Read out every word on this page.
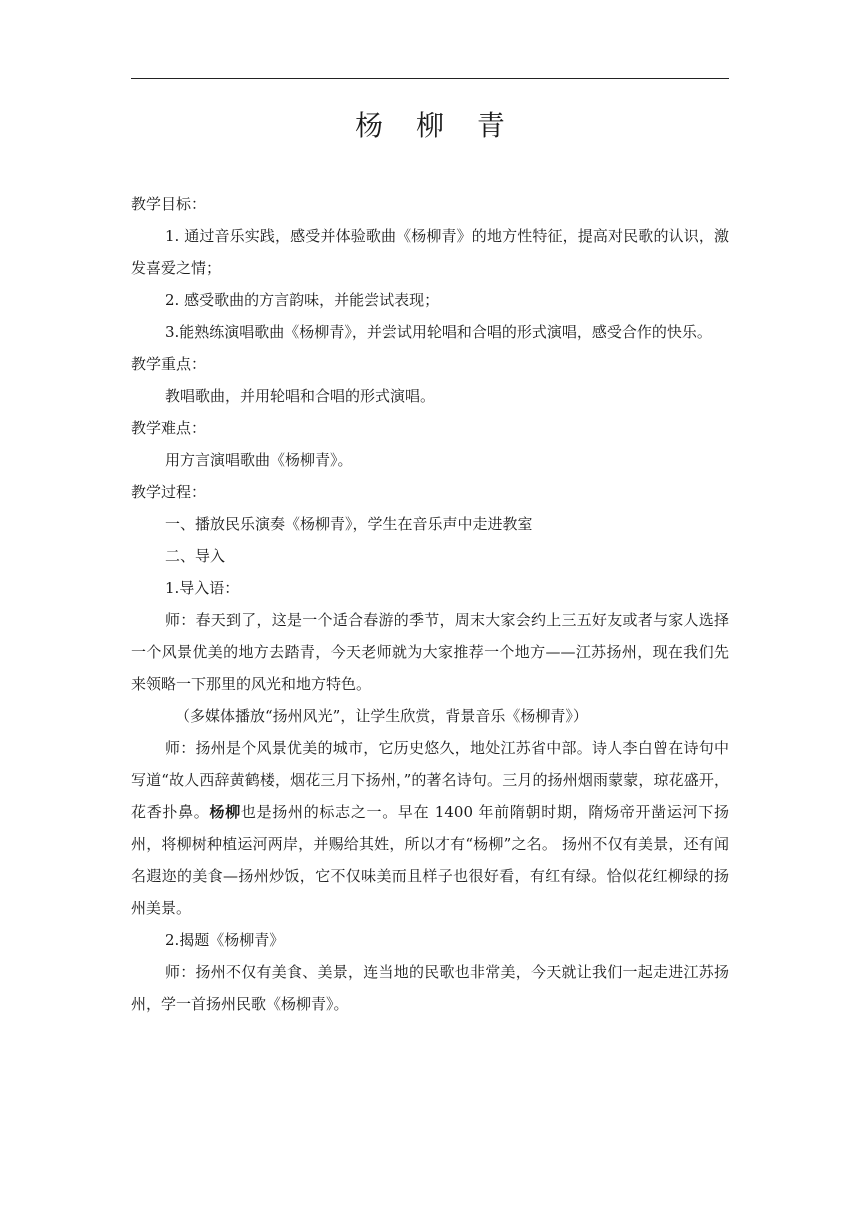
杨 柳 青

教学目标：

1. 通过音乐实践，感受并体验歌曲《杨柳青》的地方性特征，提高对民歌的认识，激发喜爱之情；

2. 感受歌曲的方言韵味，并能尝试表现；

3.能熟练演唱歌曲《杨柳青》，并尝试用轮唱和合唱的形式演唱，感受合作的快乐。

教学重点：

教唱歌曲，并用轮唱和合唱的形式演唱。

教学难点：

用方言演唱歌曲《杨柳青》。

教学过程：

一、播放民乐演奏《杨柳青》，学生在音乐声中走进教室

二、导入

1.导入语：

师：春天到了，这是一个适合春游的季节，周末大家会约上三五好友或者与家人选择一个风景优美的地方去踏青，今天老师就为大家推荐一个地方——江苏扬州，现在我们先来领略一下那里的风光和地方特色。

（多媒体播放“扬州风光”，让学生欣赏，背景音乐《杨柳青》）

师：扬州是个风景优美的城市，它历史悠久，地处江苏省中部。诗人李白曾在诗句中写道“故人西辞黄鹤楼，烟花三月下扬州，”的著名诗句。三月的扬州烟雨蒙蒙，琼花盛开，花香扑鼻。杨柳也是扬州的标志之一。早在 1400 年前隋朝时期，隋炀帝开凿运河下扬州，将柳树种植运河两岸，并赐给其姓，所以才有“杨柳”之名。 扬州不仅有美景，还有闻名遐迩的美食—扬州炒饭，它不仅味美而且样子也很好看，有红有绿。恰似花红柳绿的扬州美景。

2.揭题《杨柳青》

师：扬州不仅有美食、美景，连当地的民歌也非常美，今天就让我们一起走进江苏扬州，学一首扬州民歌《杨柳青》。
